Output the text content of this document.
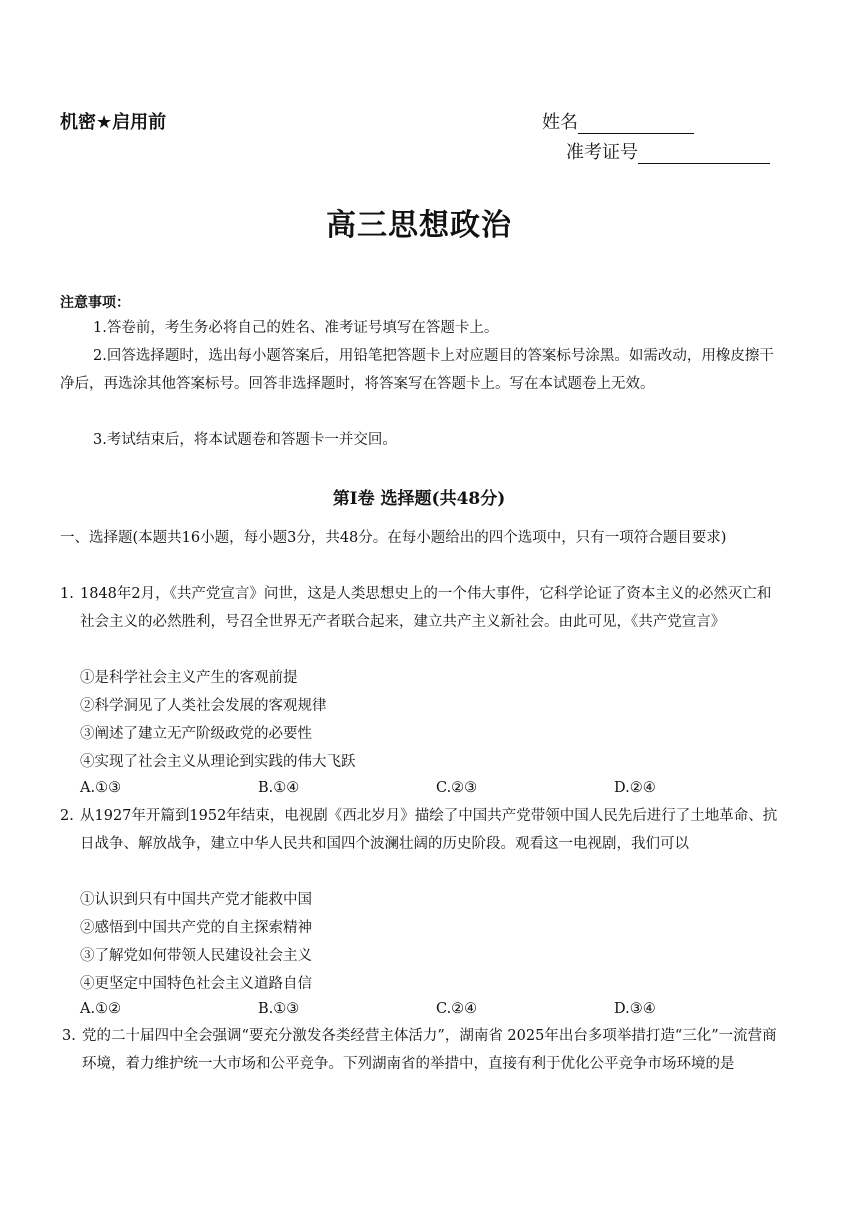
机密★启用前	姓名
准考证号
高三思想政治
注意事项：
1.答卷前，考生务必将自己的姓名、准考证号填写在答题卡上。
2.回答选择题时，选出每小题答案后，用铅笔把答题卡上对应题目的答案标号涂黑。如需改动，用橡皮擦干净后，再选涂其他答案标号。回答非选择题时，将答案写在答题卡上。写在本试题卷上无效。
3.考试结束后，将本试题卷和答题卡一并交回。
第Ⅰ卷 选择题(共48分)
一、选择题(本题共16小题，每小题3分，共48分。在每小题给出的四个选项中，只有一项符合题目要求)
1. 1848年2月，《共产党宣言》问世，这是人类思想史上的一个伟大事件，它科学论证了资本主义的必然灭亡和社会主义的必然胜利，号召全世界无产者联合起来，建立共产主义新社会。由此可见，《共产党宣言》
①是科学社会主义产生的客观前提
②科学洞见了人类社会发展的客观规律
③阐述了建立无产阶级政党的必要性
④实现了社会主义从理论到实践的伟大飞跃
A.①③	B.①④	C.②③	D.②④
2. 从1927年开篇到1952年结束，电视剧《西北岁月》描绘了中国共产党带领中国人民先后进行了土地革命、抗日战争、解放战争，建立中华人民共和国四个波澜壮阔的历史阶段。观看这一电视剧，我们可以
①认识到只有中国共产党才能救中国
②感悟到中国共产党的自主探索精神
③了解党如何带领人民建设社会主义
④更坚定中国特色社会主义道路自信
A.①②	B.①③	C.②④	D.③④
3. 党的二十届四中全会强调“要充分激发各类经营主体活力”，湖南省 2025年出台多项举措打造“三化”一流营商环境，着力维护统一大市场和公平竞争。下列湖南省的举措中，直接有利于优化公平竞争市场环境的是
